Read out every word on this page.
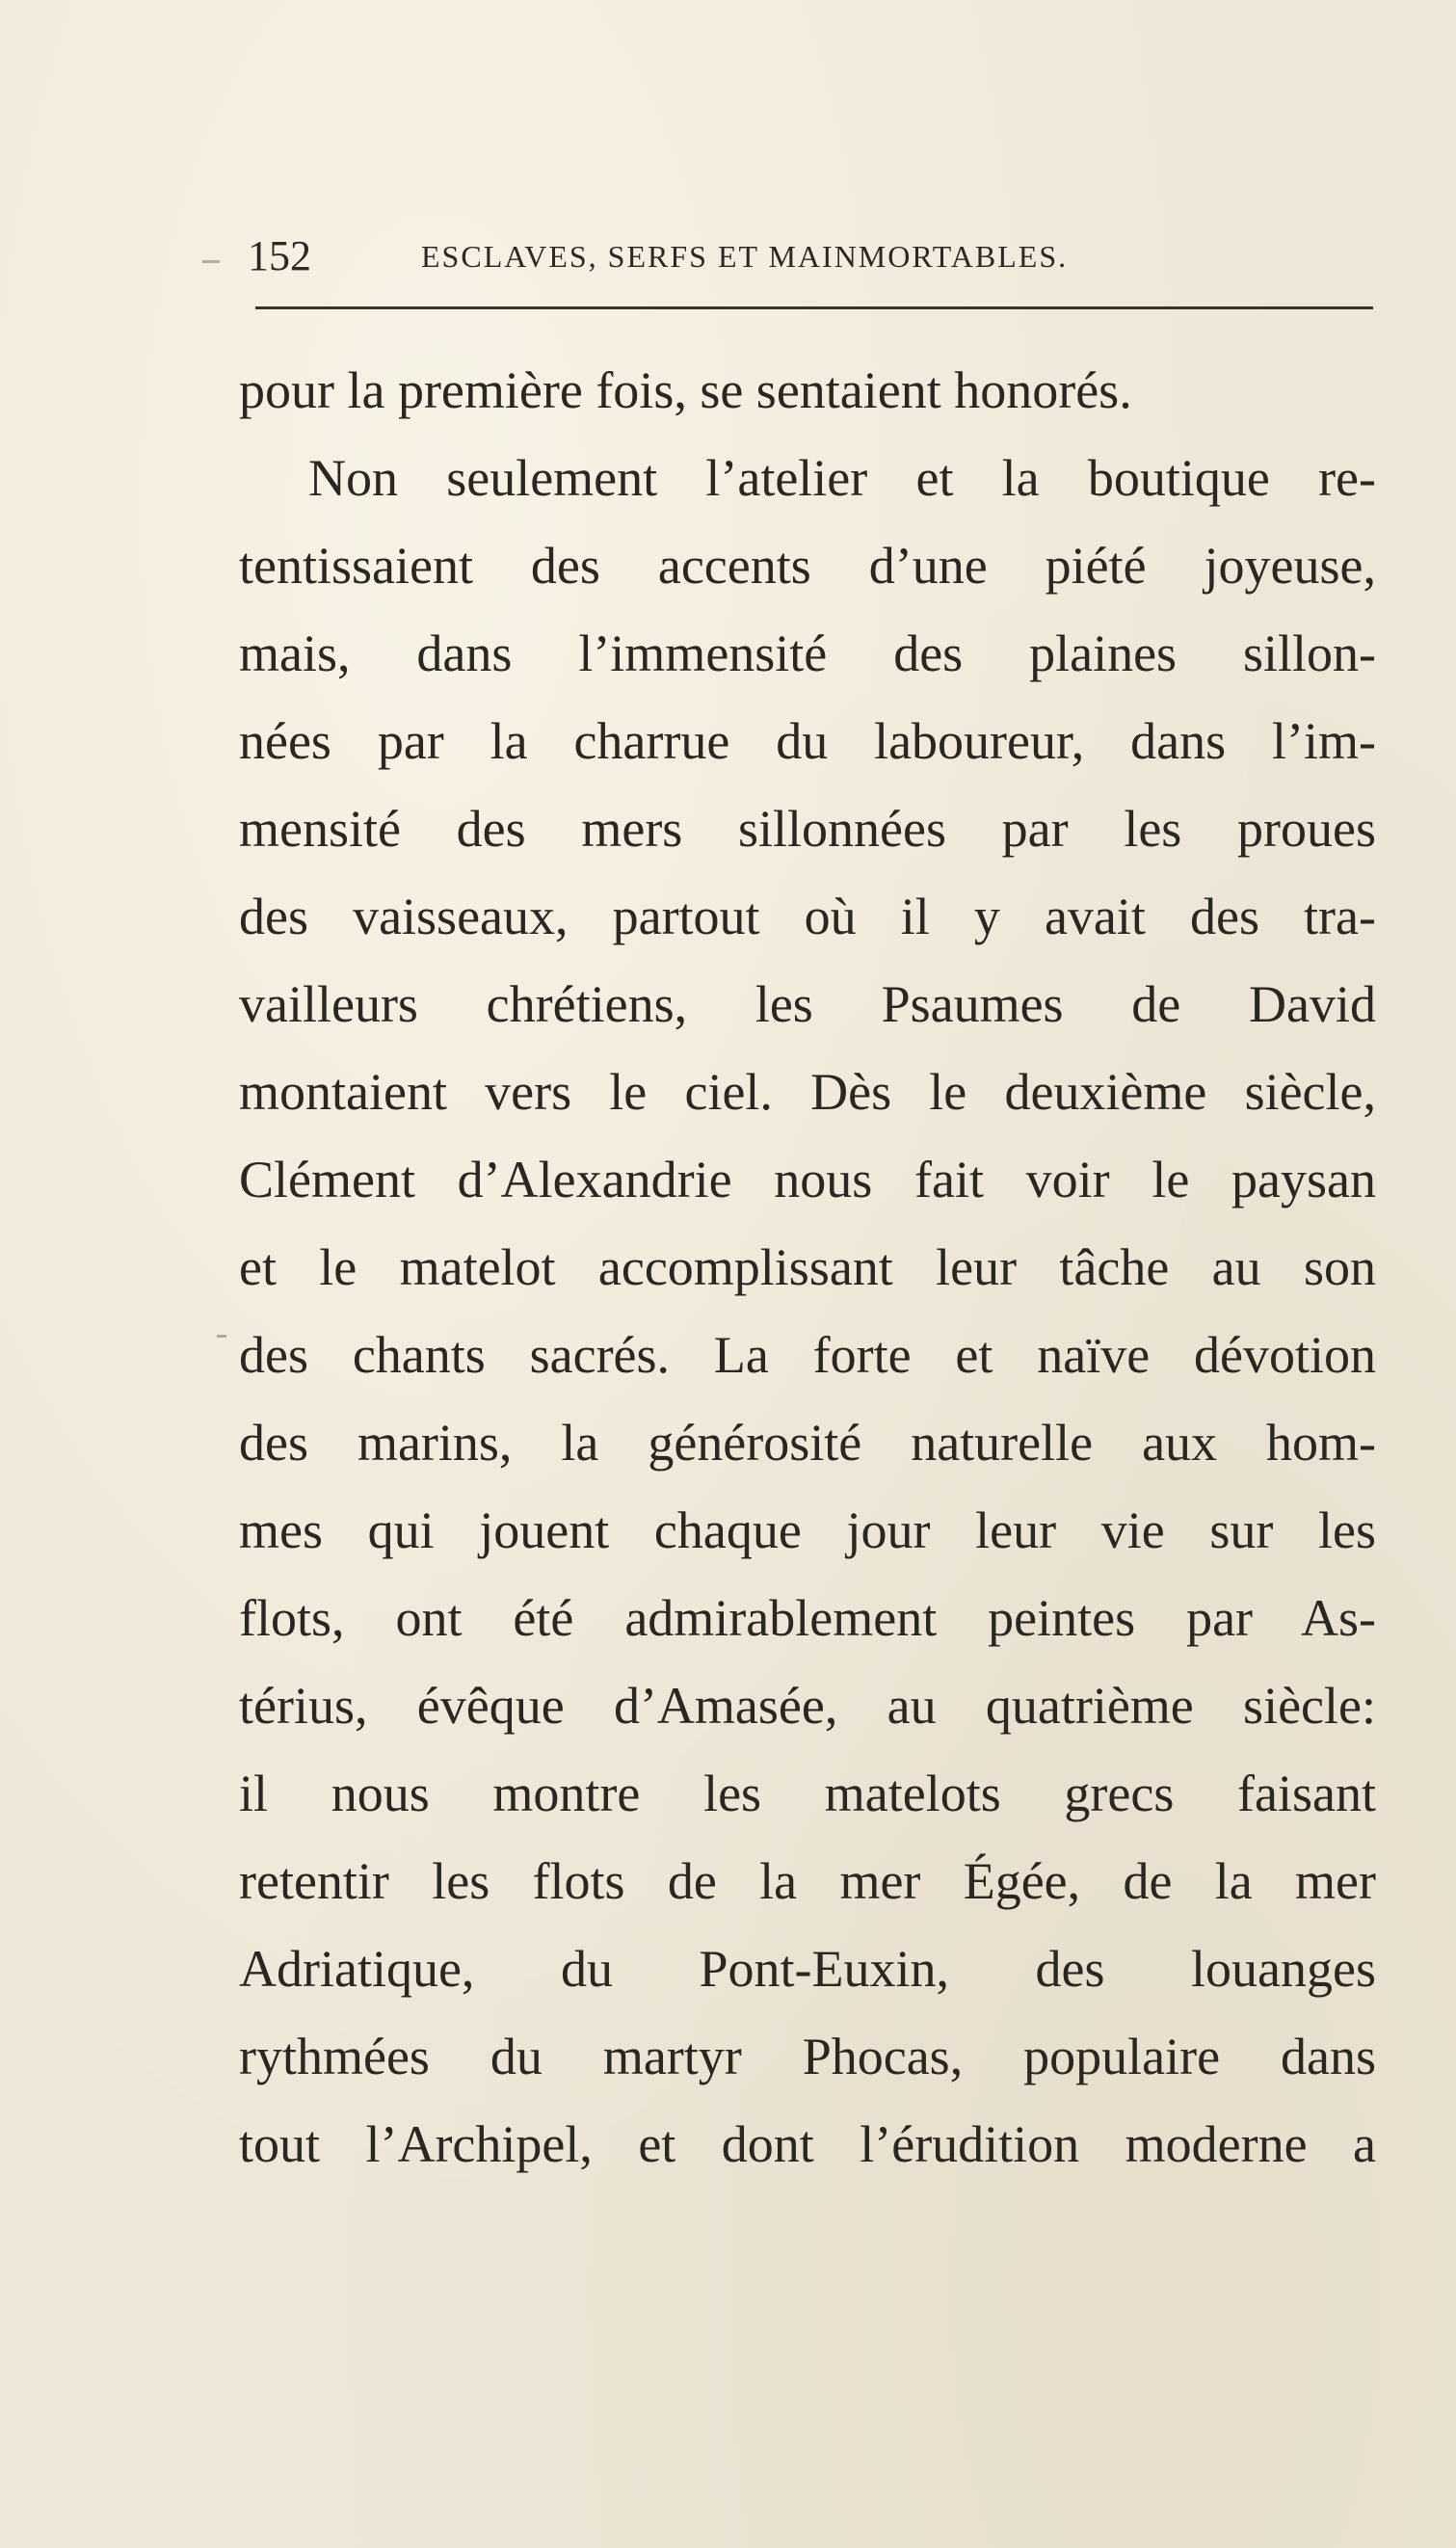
152	ESCLAVES, SERFS ET MAINMORTABLES.
pour la première fois, se sentaient honorés.
Non seulement l’atelier et la boutique re-
tentissaient des accents d’une piété joyeuse,
mais, dans l’immensité des plaines sillon-
nées par la charrue du laboureur, dans l’im-
mensité des mers sillonnées par les proues
des vaisseaux, partout où il y avait des tra-
vailleurs chrétiens, les Psaumes de David
montaient vers le ciel. Dès le deuxième siècle,
Clément d’Alexandrie nous fait voir le paysan
et le matelot accomplissant leur tâche au son
des chants sacrés. La forte et naïve dévotion
des marins, la générosité naturelle aux hom-
mes qui jouent chaque jour leur vie sur les
flots, ont été admirablement peintes par As-
térius, évêque d’Amasée, au quatrième siècle:
il nous montre les matelots grecs faisant
retentir les flots de la mer Égée, de la mer
Adriatique, du Pont-Euxin, des louanges
rythmées du martyr Phocas, populaire dans
tout l’Archipel, et dont l’érudition moderne a
